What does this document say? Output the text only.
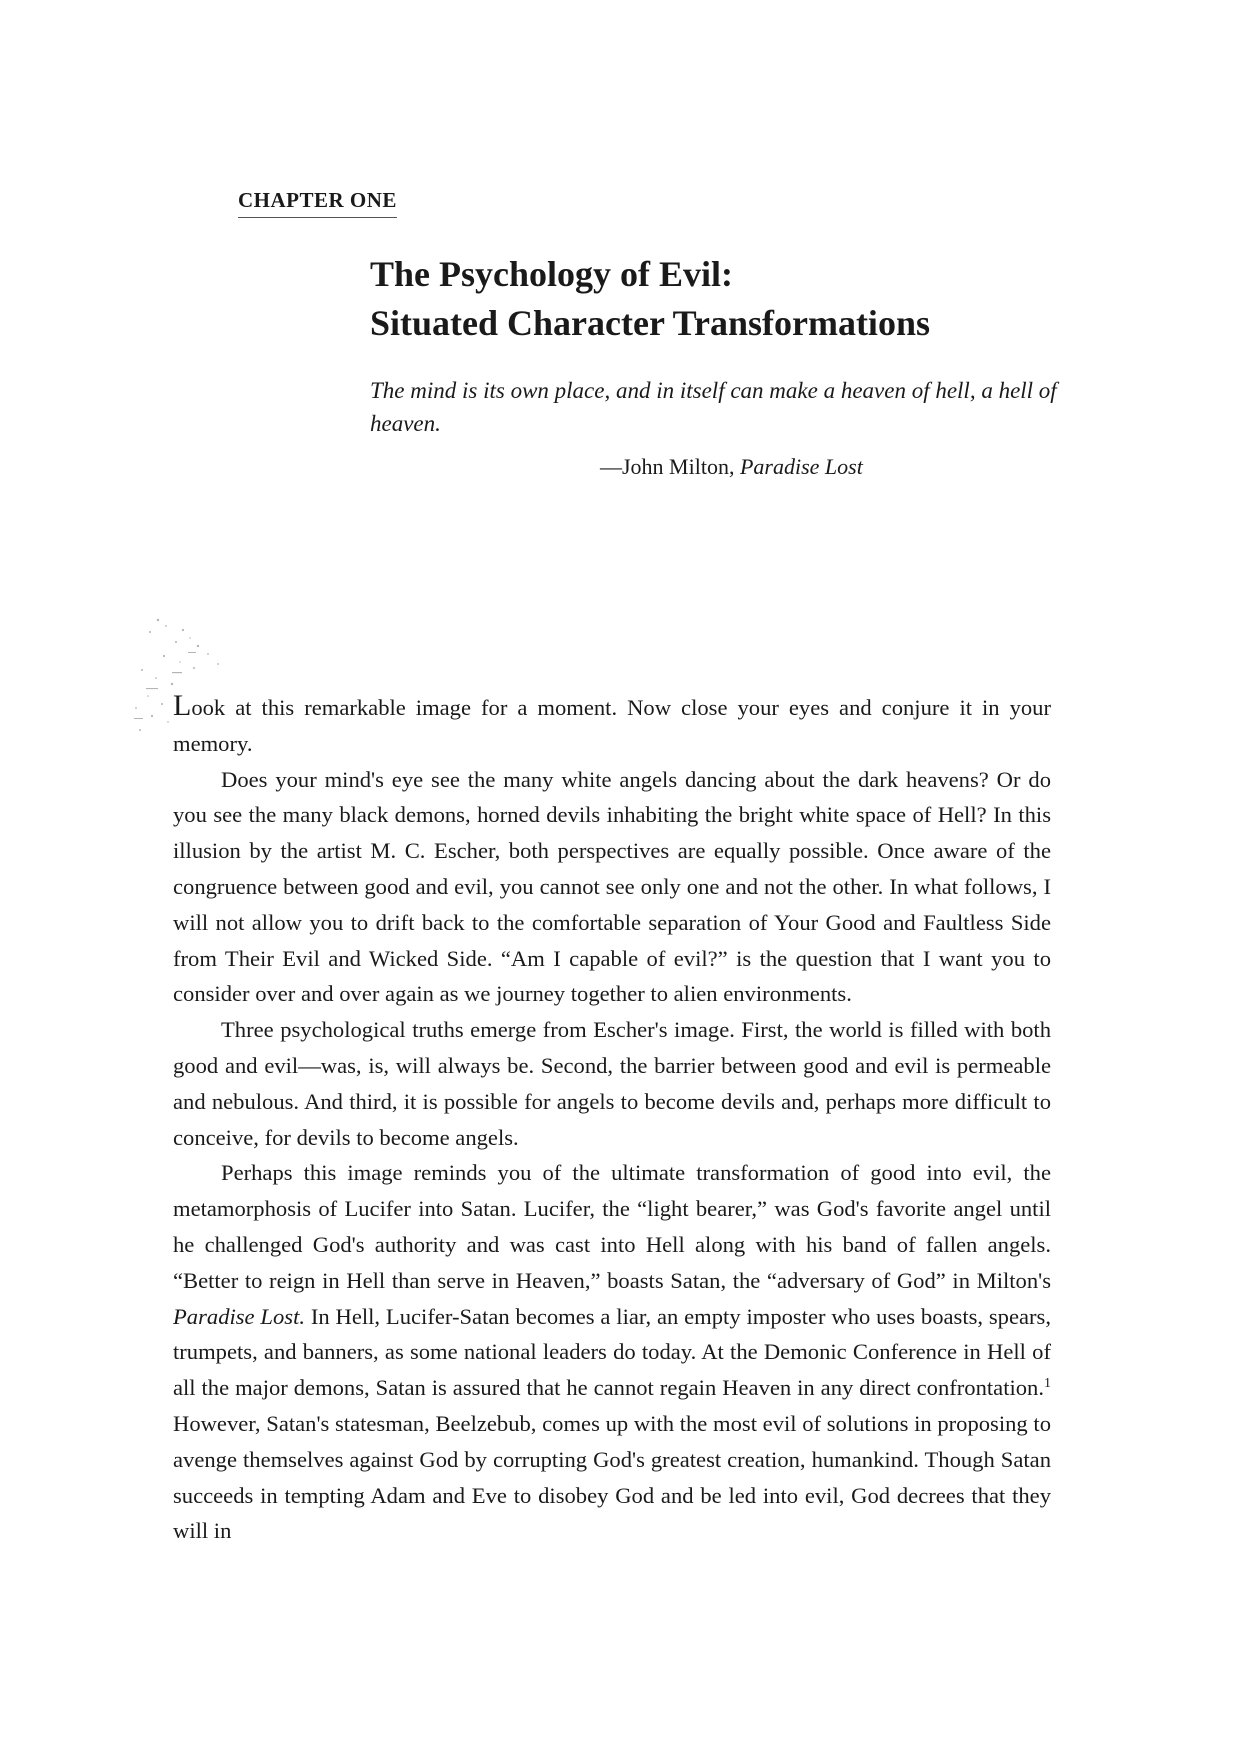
CHAPTER ONE
The Psychology of Evil:
Situated Character Transformations

The mind is its own place, and in itself can make a heaven of hell, a hell of heaven.

—John Milton, Paradise Lost

Look at this remarkable image for a moment. Now close your eyes and conjure it in your memory.

Does your mind's eye see the many white angels dancing about the dark heavens? Or do you see the many black demons, horned devils inhabiting the bright white space of Hell? In this illusion by the artist M. C. Escher, both perspectives are equally possible. Once aware of the congruence between good and evil, you cannot see only one and not the other. In what follows, I will not allow you to drift back to the comfortable separation of Your Good and Faultless Side from Their Evil and Wicked Side. “Am I capable of evil?” is the question that I want you to consider over and over again as we journey together to alien environments.

Three psychological truths emerge from Escher's image. First, the world is filled with both good and evil—was, is, will always be. Second, the barrier between good and evil is permeable and nebulous. And third, it is possible for angels to become devils and, perhaps more difficult to conceive, for devils to become angels.

Perhaps this image reminds you of the ultimate transformation of good into evil, the metamorphosis of Lucifer into Satan. Lucifer, the “light bearer,” was God's favorite angel until he challenged God's authority and was cast into Hell along with his band of fallen angels. “Better to reign in Hell than serve in Heaven,” boasts Satan, the “adversary of God” in Milton's Paradise Lost. In Hell, Lucifer-Satan becomes a liar, an empty imposter who uses boasts, spears, trumpets, and banners, as some national leaders do today. At the Demonic Conference in Hell of all the major demons, Satan is assured that he cannot regain Heaven in any direct confrontation.$^1$ However, Satan's statesman, Beelzebub, comes up with the most evil of solutions in proposing to avenge themselves against God by corrupting God's greatest creation, humankind. Though Satan succeeds in tempting Adam and Eve to disobey God and be led into evil, God decrees that they will in
